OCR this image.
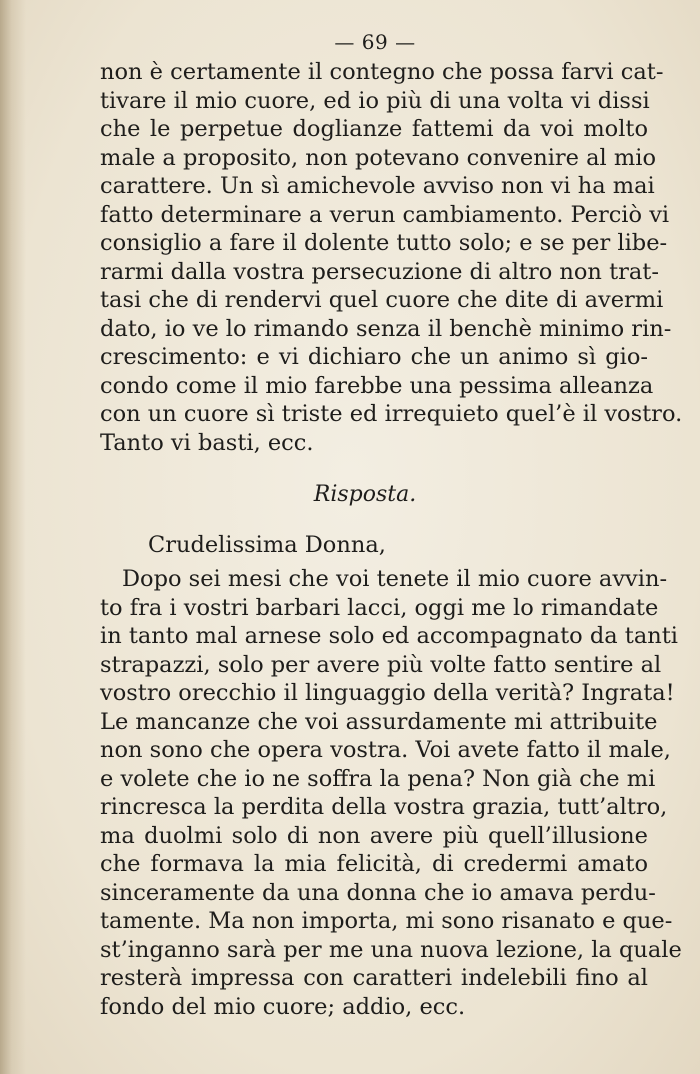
— 69 —
non è certamente il contegno che possa farvi cat-
tivare il mio cuore, ed io più di una volta vi dissi
che le perpetue doglianze fattemi da voi molto
male a proposito, non potevano convenire al mio
carattere. Un sì amichevole avviso non vi ha mai
fatto determinare a verun cambiamento. Perciò vi
consiglio a fare il dolente tutto solo; e se per libe-
rarmi dalla vostra persecuzione di altro non trat-
tasi che di rendervi quel cuore che dite di avermi
dato, io ve lo rimando senza il benchè minimo rin-
crescimento: e vi dichiaro che un animo sì gio-
condo come il mio farebbe una pessima alleanza
con un cuore sì triste ed irrequieto quel’è il vostro.
Tanto vi basti, ecc.
Risposta.
Crudelissima Donna,
Dopo sei mesi che voi tenete il mio cuore avvin-
to fra i vostri barbari lacci, oggi me lo rimandate
in tanto mal arnese solo ed accompagnato da tanti
strapazzi, solo per avere più volte fatto sentire al
vostro orecchio il linguaggio della verità? Ingrata!
Le mancanze che voi assurdamente mi attribuite
non sono che opera vostra. Voi avete fatto il male,
e volete che io ne soffra la pena? Non già che mi
rincresca la perdita della vostra grazia, tutt’altro,
ma duolmi solo di non avere più quell’illusione
che formava la mia felicità, di credermi amato
sinceramente da una donna che io amava perdu-
tamente. Ma non importa, mi sono risanato e que-
st’inganno sarà per me una nuova lezione, la quale
resterà impressa con caratteri indelebili fino al
fondo del mio cuore; addio, ecc.
